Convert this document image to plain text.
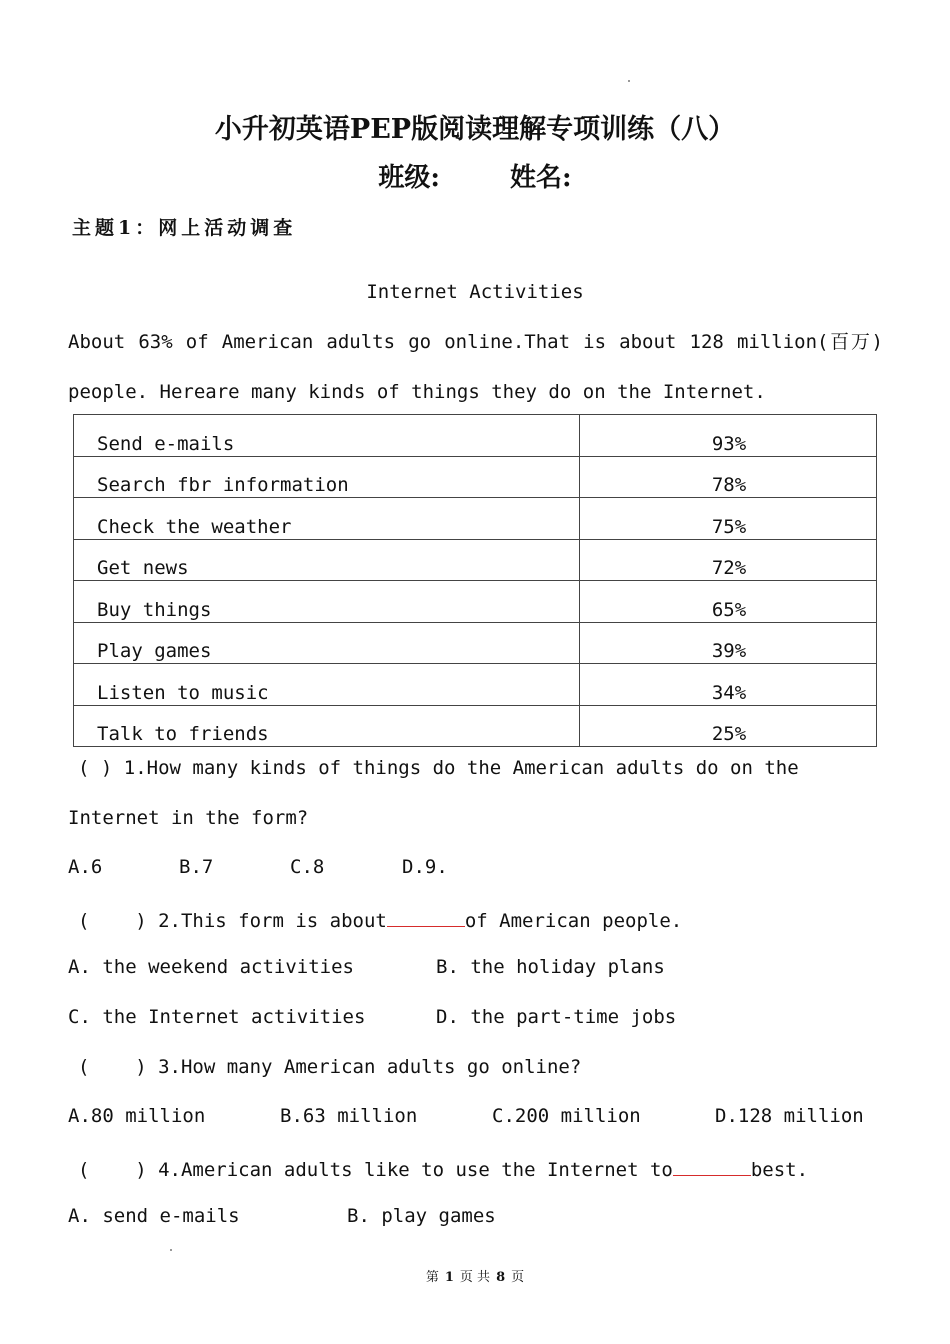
小升初英语PEP版阅读理解专项训练（八）
班级:	姓名:
主题1：网上活动调查
Internet Activities
About 63% of American adults go online.That is about 128 million(百万) people. Hereare many kinds of things they do on the Internet.
Send e-mails	93%
Search fbr information	78%
Check the weather	75%
Get news	72%
Buy things	65%
Play games	39%
Listen to music	34%
Talk to friends	25%
( ) 1.How many kinds of things do the American adults do on the
Internet in the form?
A.6	B.7	C.8	D.9.
(    ) 2.This form is about	of American people.
A. the weekend activities	B. the holiday plans
C. the Internet activities	D. the part-time jobs
(    ) 3.How many American adults go online?
A.80 million	B.63 million	C.200 million	D.128 million
(    ) 4.American adults like to use the Internet to	best.
A. send e-mails	B. play games
第 1 页 共 8 页
